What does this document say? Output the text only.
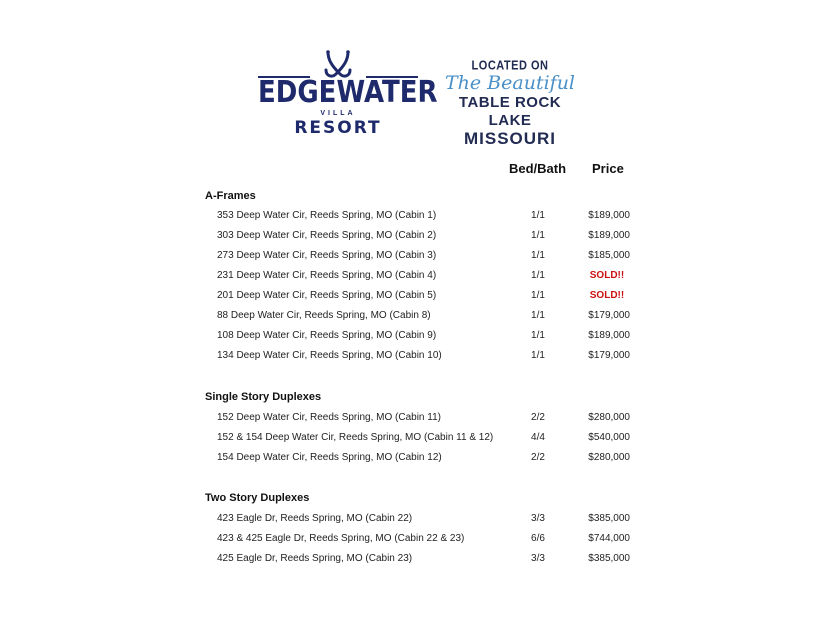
EDGEWATER
VILLA
RESORT
LOCATED ON
The Beautiful
TABLE ROCK LAKE
MISSOURI
Bed/Bath Price
A-Frames
353 Deep Water Cir, Reeds Spring, MO (Cabin 1)	1/1	$189,000
303 Deep Water Cir, Reeds Spring, MO (Cabin 2)	1/1	$189,000
273 Deep Water Cir, Reeds Spring, MO (Cabin 3)	1/1	$185,000
231 Deep Water Cir, Reeds Spring, MO (Cabin 4)	1/1	SOLD!!
201 Deep Water Cir, Reeds Spring, MO (Cabin 5)	1/1	SOLD!!
88 Deep Water Cir, Reeds Spring, MO (Cabin 8)	1/1	$179,000
108 Deep Water Cir, Reeds Spring, MO (Cabin 9)	1/1	$189,000
134 Deep Water Cir, Reeds Spring, MO (Cabin 10)	1/1	$179,000
Single Story Duplexes
152 Deep Water Cir, Reeds Spring, MO (Cabin 11)	2/2	$280,000
152 & 154 Deep Water Cir, Reeds Spring, MO (Cabin 11 & 12)	4/4	$540,000
154 Deep Water Cir, Reeds Spring, MO (Cabin 12)	2/2	$280,000
Two Story Duplexes
423 Eagle Dr, Reeds Spring, MO (Cabin 22)	3/3	$385,000
423 & 425 Eagle Dr, Reeds Spring, MO (Cabin 22 & 23)	6/6	$744,000
425 Eagle Dr, Reeds Spring, MO (Cabin 23)	3/3	$385,000
